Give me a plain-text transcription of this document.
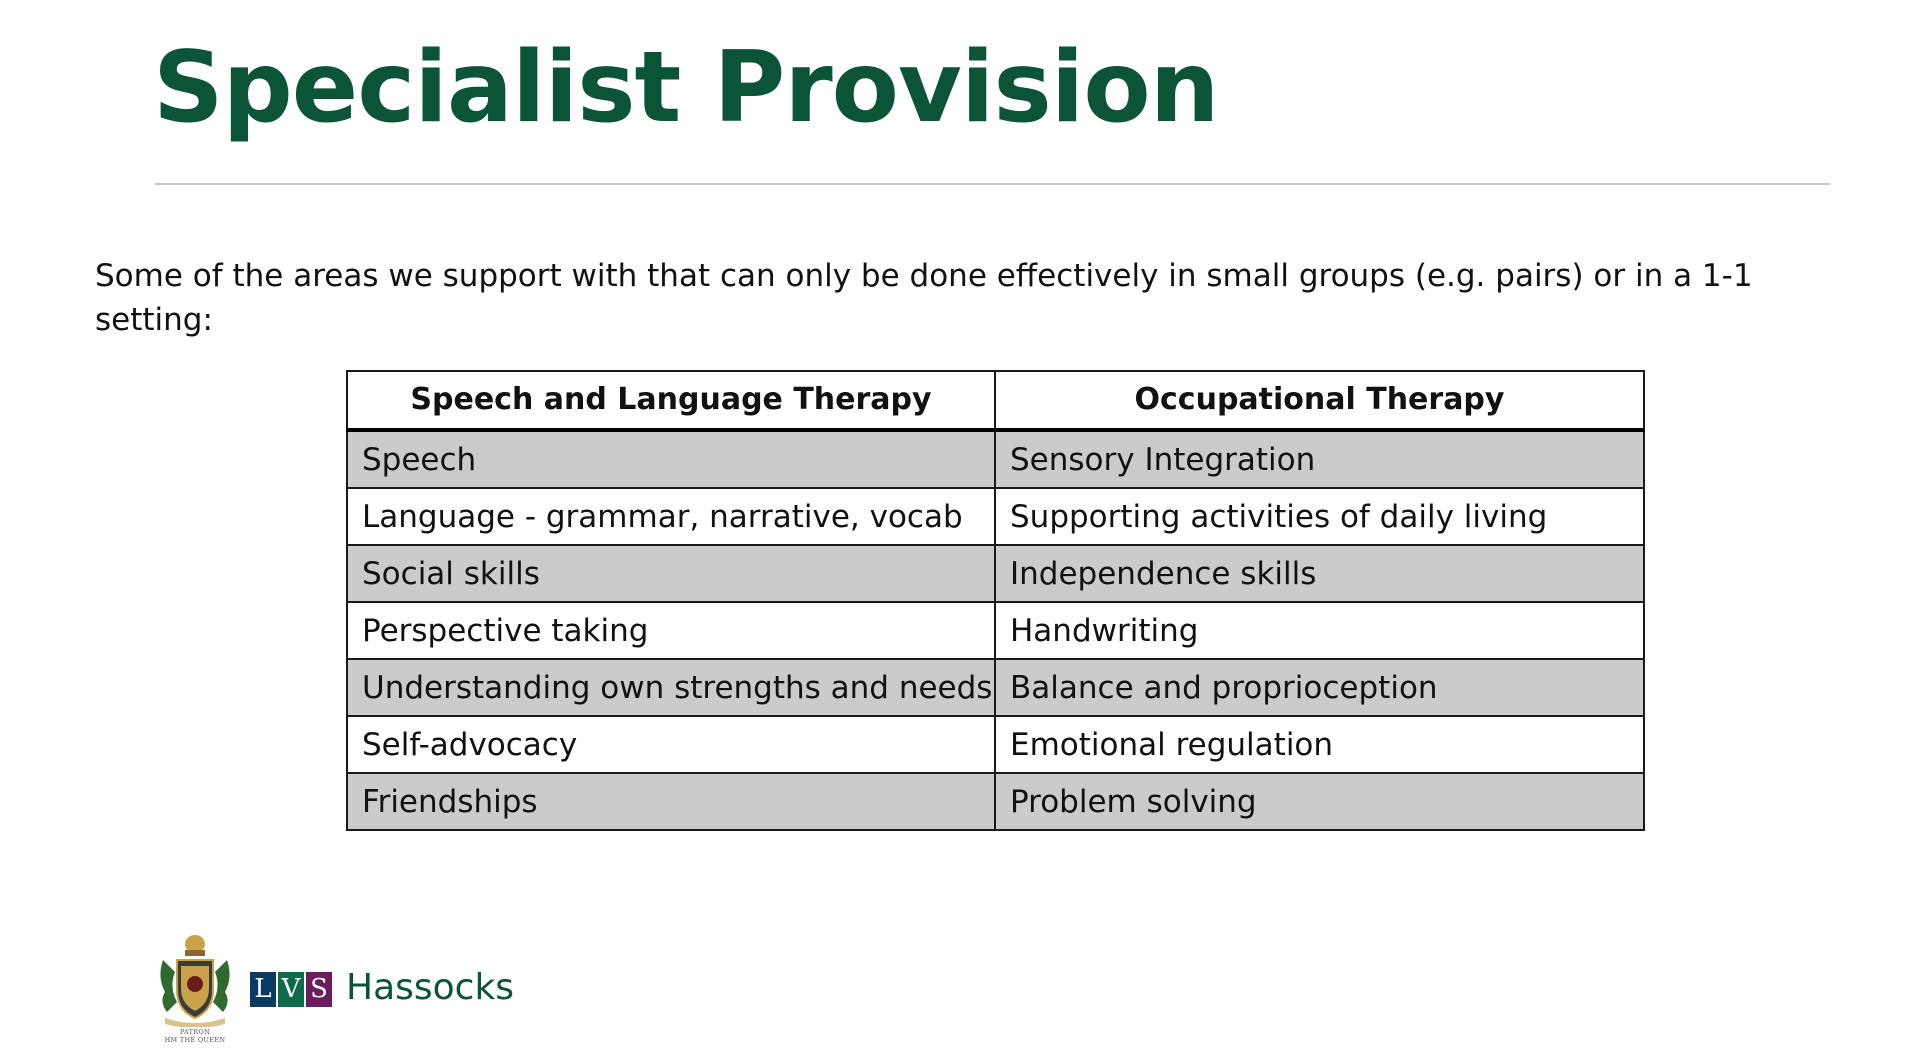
Specialist Provision

Some of the areas we support with that can only be done effectively in small groups (e.g. pairs) or in a 1-1 setting:

Speech and Language Therapy	Occupational Therapy
Speech	Sensory Integration
Language - grammar, narrative, vocab	Supporting activities of daily living
Social skills	Independence skills
Perspective taking	Handwriting
Understanding own strengths and needs	Balance and proprioception
Self-advocacy	Emotional regulation
Friendships	Problem solving
PATRON
HM THE QUEEN
L V S Hassocks
